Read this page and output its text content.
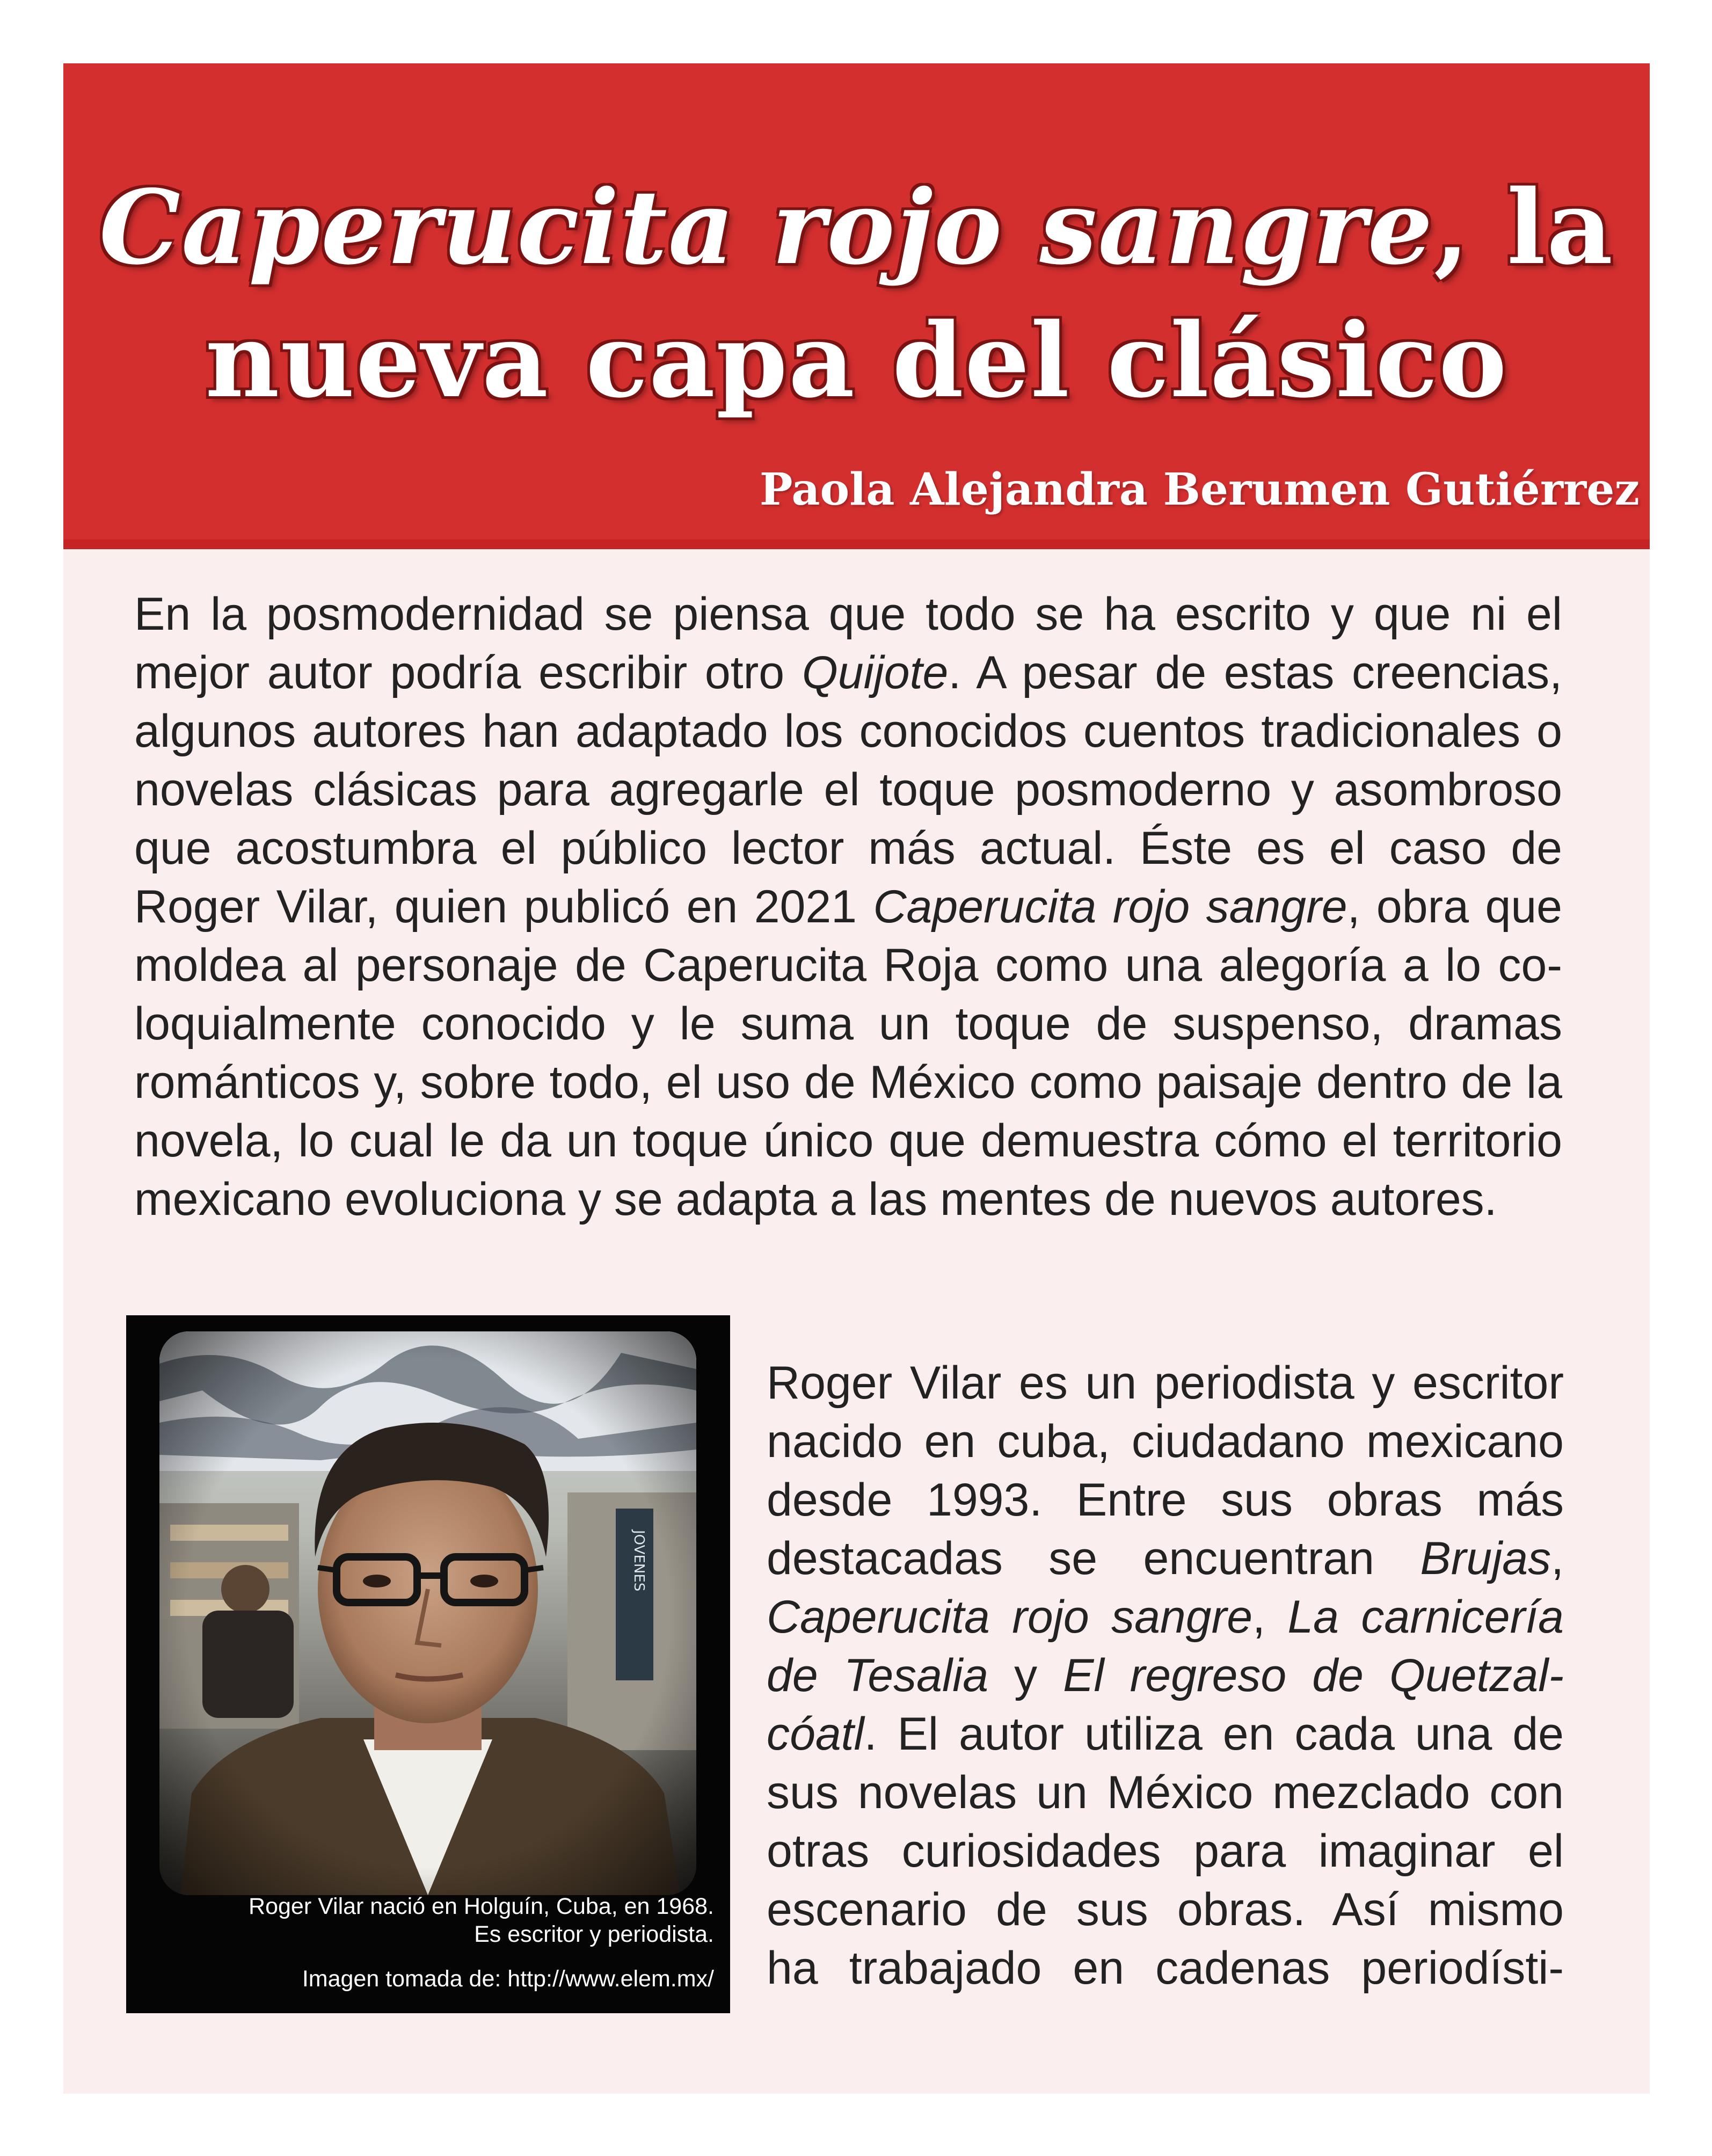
Caperucita rojo sangre, la
nueva capa del clásico

Paola Alejandra Berumen Gutiérrez

En la posmodernidad se piensa que todo se ha escrito y que ni el mejor autor podría escribir otro Quijote. A pesar de estas creencias, algunos autores han adaptado los conocidos cuentos tradicionales o novelas clásicas para agregarle el toque posmoderno y asombroso que acostumbra el público lector más actual. Éste es el caso de Roger Vilar, quien publicó en 2021 Caperucita rojo sangre, obra que moldea al personaje de Caperucita Roja como una alegoría a lo coloquialmente conocido y le suma un toque de suspenso, dramas románticos y, sobre todo, el uso de México como paisaje dentro de la novela, lo cual le da un toque único que demuestra cómo el territorio mexicano evoluciona y se adapta a las mentes de nuevos autores.

Roger Vilar nació en Holguín, Cuba, en 1968.
Es escritor y periodista.

Imagen tomada de: http://www.elem.mx/

Roger Vilar es un periodista y escritor
nacido en cuba, ciudadano mexicano
desde 1993. Entre sus obras más
destacadas se encuentran Brujas,
Caperucita rojo sangre, La carnicería
de Tesalia y El regreso de Quetzal-
cóatl. El autor utiliza en cada una de
sus novelas un México mezclado con
otras curiosidades para imaginar el
escenario de sus obras. Así mismo
ha trabajado en cadenas periodísti-
